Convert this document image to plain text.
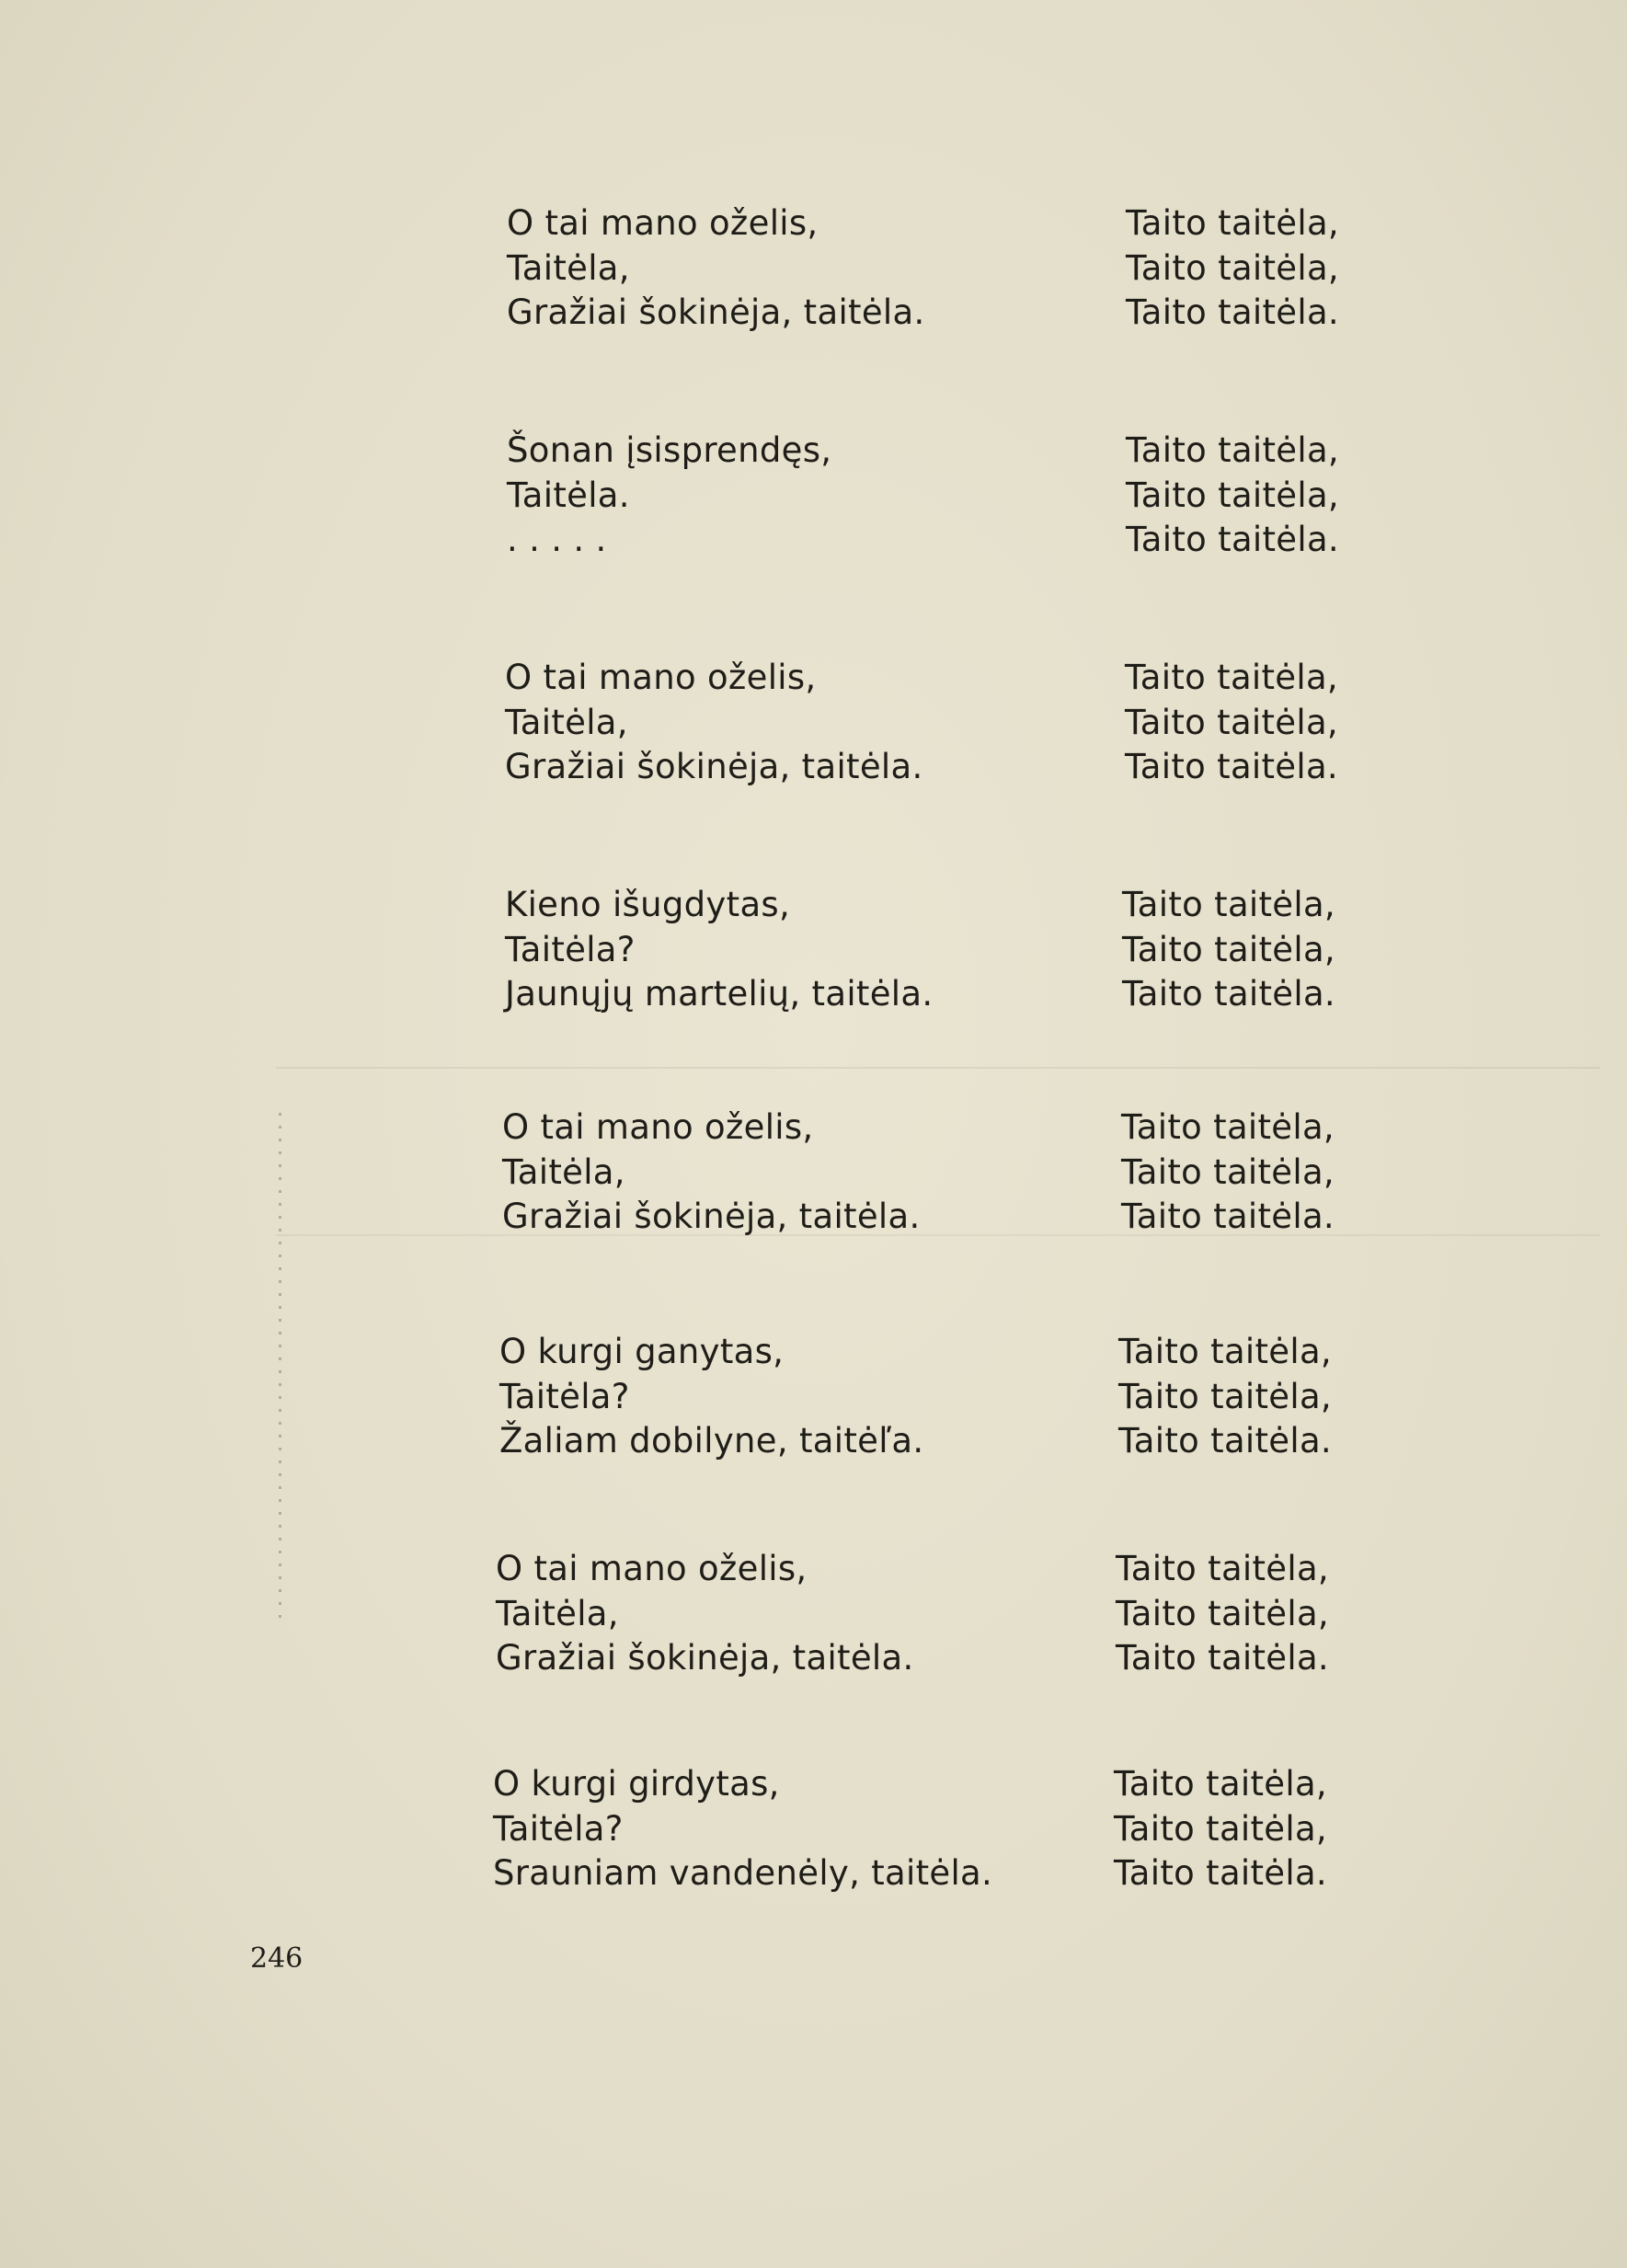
O tai mano oželis,
Taitėla,
Gražiai šokinėja, taitėla.
Taito taitėla,
Taito taitėla,
Taito taitėla.
Šonan įsisprendęs,
Taitėla.
. . . . .
Taito taitėla,
Taito taitėla,
Taito taitėla.
O tai mano oželis,
Taitėla,
Gražiai šokinėja, taitėla.
Taito taitėla,
Taito taitėla,
Taito taitėla.
Kieno išugdytas,
Taitėla?
Jaunųjų martelių, taitėla.
Taito taitėla,
Taito taitėla,
Taito taitėla.
O tai mano oželis,
Taitėla,
Gražiai šokinėja, taitėla.
Taito taitėla,
Taito taitėla,
Taito taitėla.
O kurgi ganytas,
Taitėla?
Žaliam dobilyne, taitėľa.
Taito taitėla,
Taito taitėla,
Taito taitėla.
O tai mano oželis,
Taitėla,
Gražiai šokinėja, taitėla.
Taito taitėla,
Taito taitėla,
Taito taitėla.
O kurgi girdytas,
Taitėla?
Srauniam vandenėly, taitėla.
Taito taitėla,
Taito taitėla,
Taito taitėla.
246
